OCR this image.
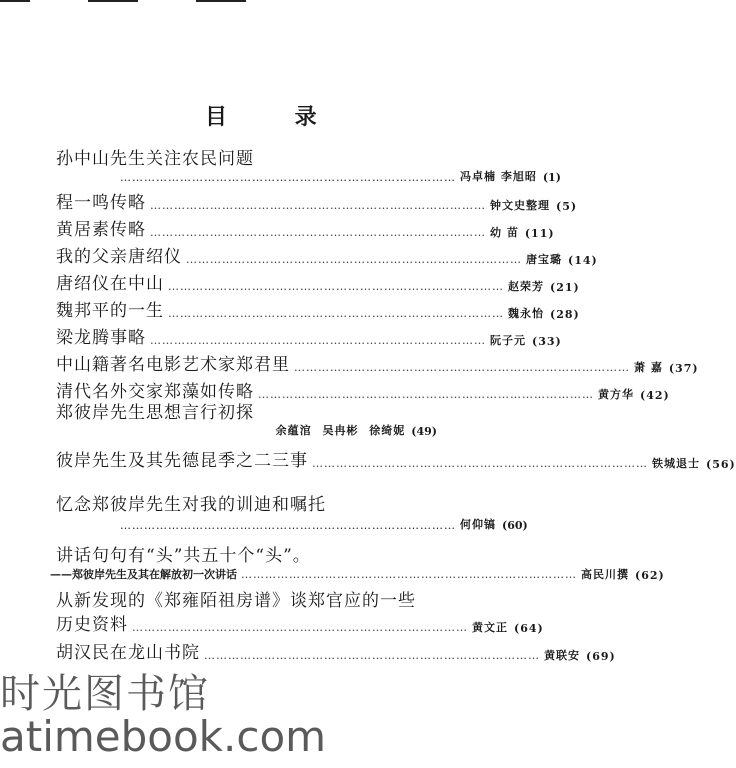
目 录
孙中山先生关注农民问题
………………………………………………………………………… 冯卓楠 李旭昭 (1)
程一鸣传略 ………………………………………………………………………… 钟文史整理 (5)
黄居素传略 ………………………………………………………………………… 幼 苗 (11)
我的父亲唐绍仪 ………………………………………………………………………… 唐宝璐 (14)
唐绍仪在中山 ………………………………………………………………………… 赵荣芳 (21)
魏邦平的一生 ………………………………………………………………………… 魏永怡 (28)
梁龙腾事略 ………………………………………………………………………… 阮子元 (33)
中山籍著名电影艺术家郑君里 ………………………………………………………………………… 萧 嘉 (37)
清代名外交家郑藻如传略 ………………………………………………………………………… 黄方华 (42)
郑彼岸先生思想言行初探
余蕴涫 吴冉彬 徐绮妮 (49)
彼岸先生及其先德昆季之二三事 ………………………………………………………………………… 铁城退士 (56)
忆念郑彼岸先生对我的训迪和嘱托
………………………………………………………………………… 何仰镐 (60)
讲话句句有“头”共五十个“头”。
——郑彼岸先生及其在解放初一次讲话 ………………………………………………………………………… 高民川撰 (62)
从新发现的《郑雍陌祖房谱》谈郑官应的一些
历史资料 ………………………………………………………………………… 黄文正 (64)
胡汉民在龙山书院 ………………………………………………………………………… 黄联安 (69)
时光图书馆
atimebook.com
